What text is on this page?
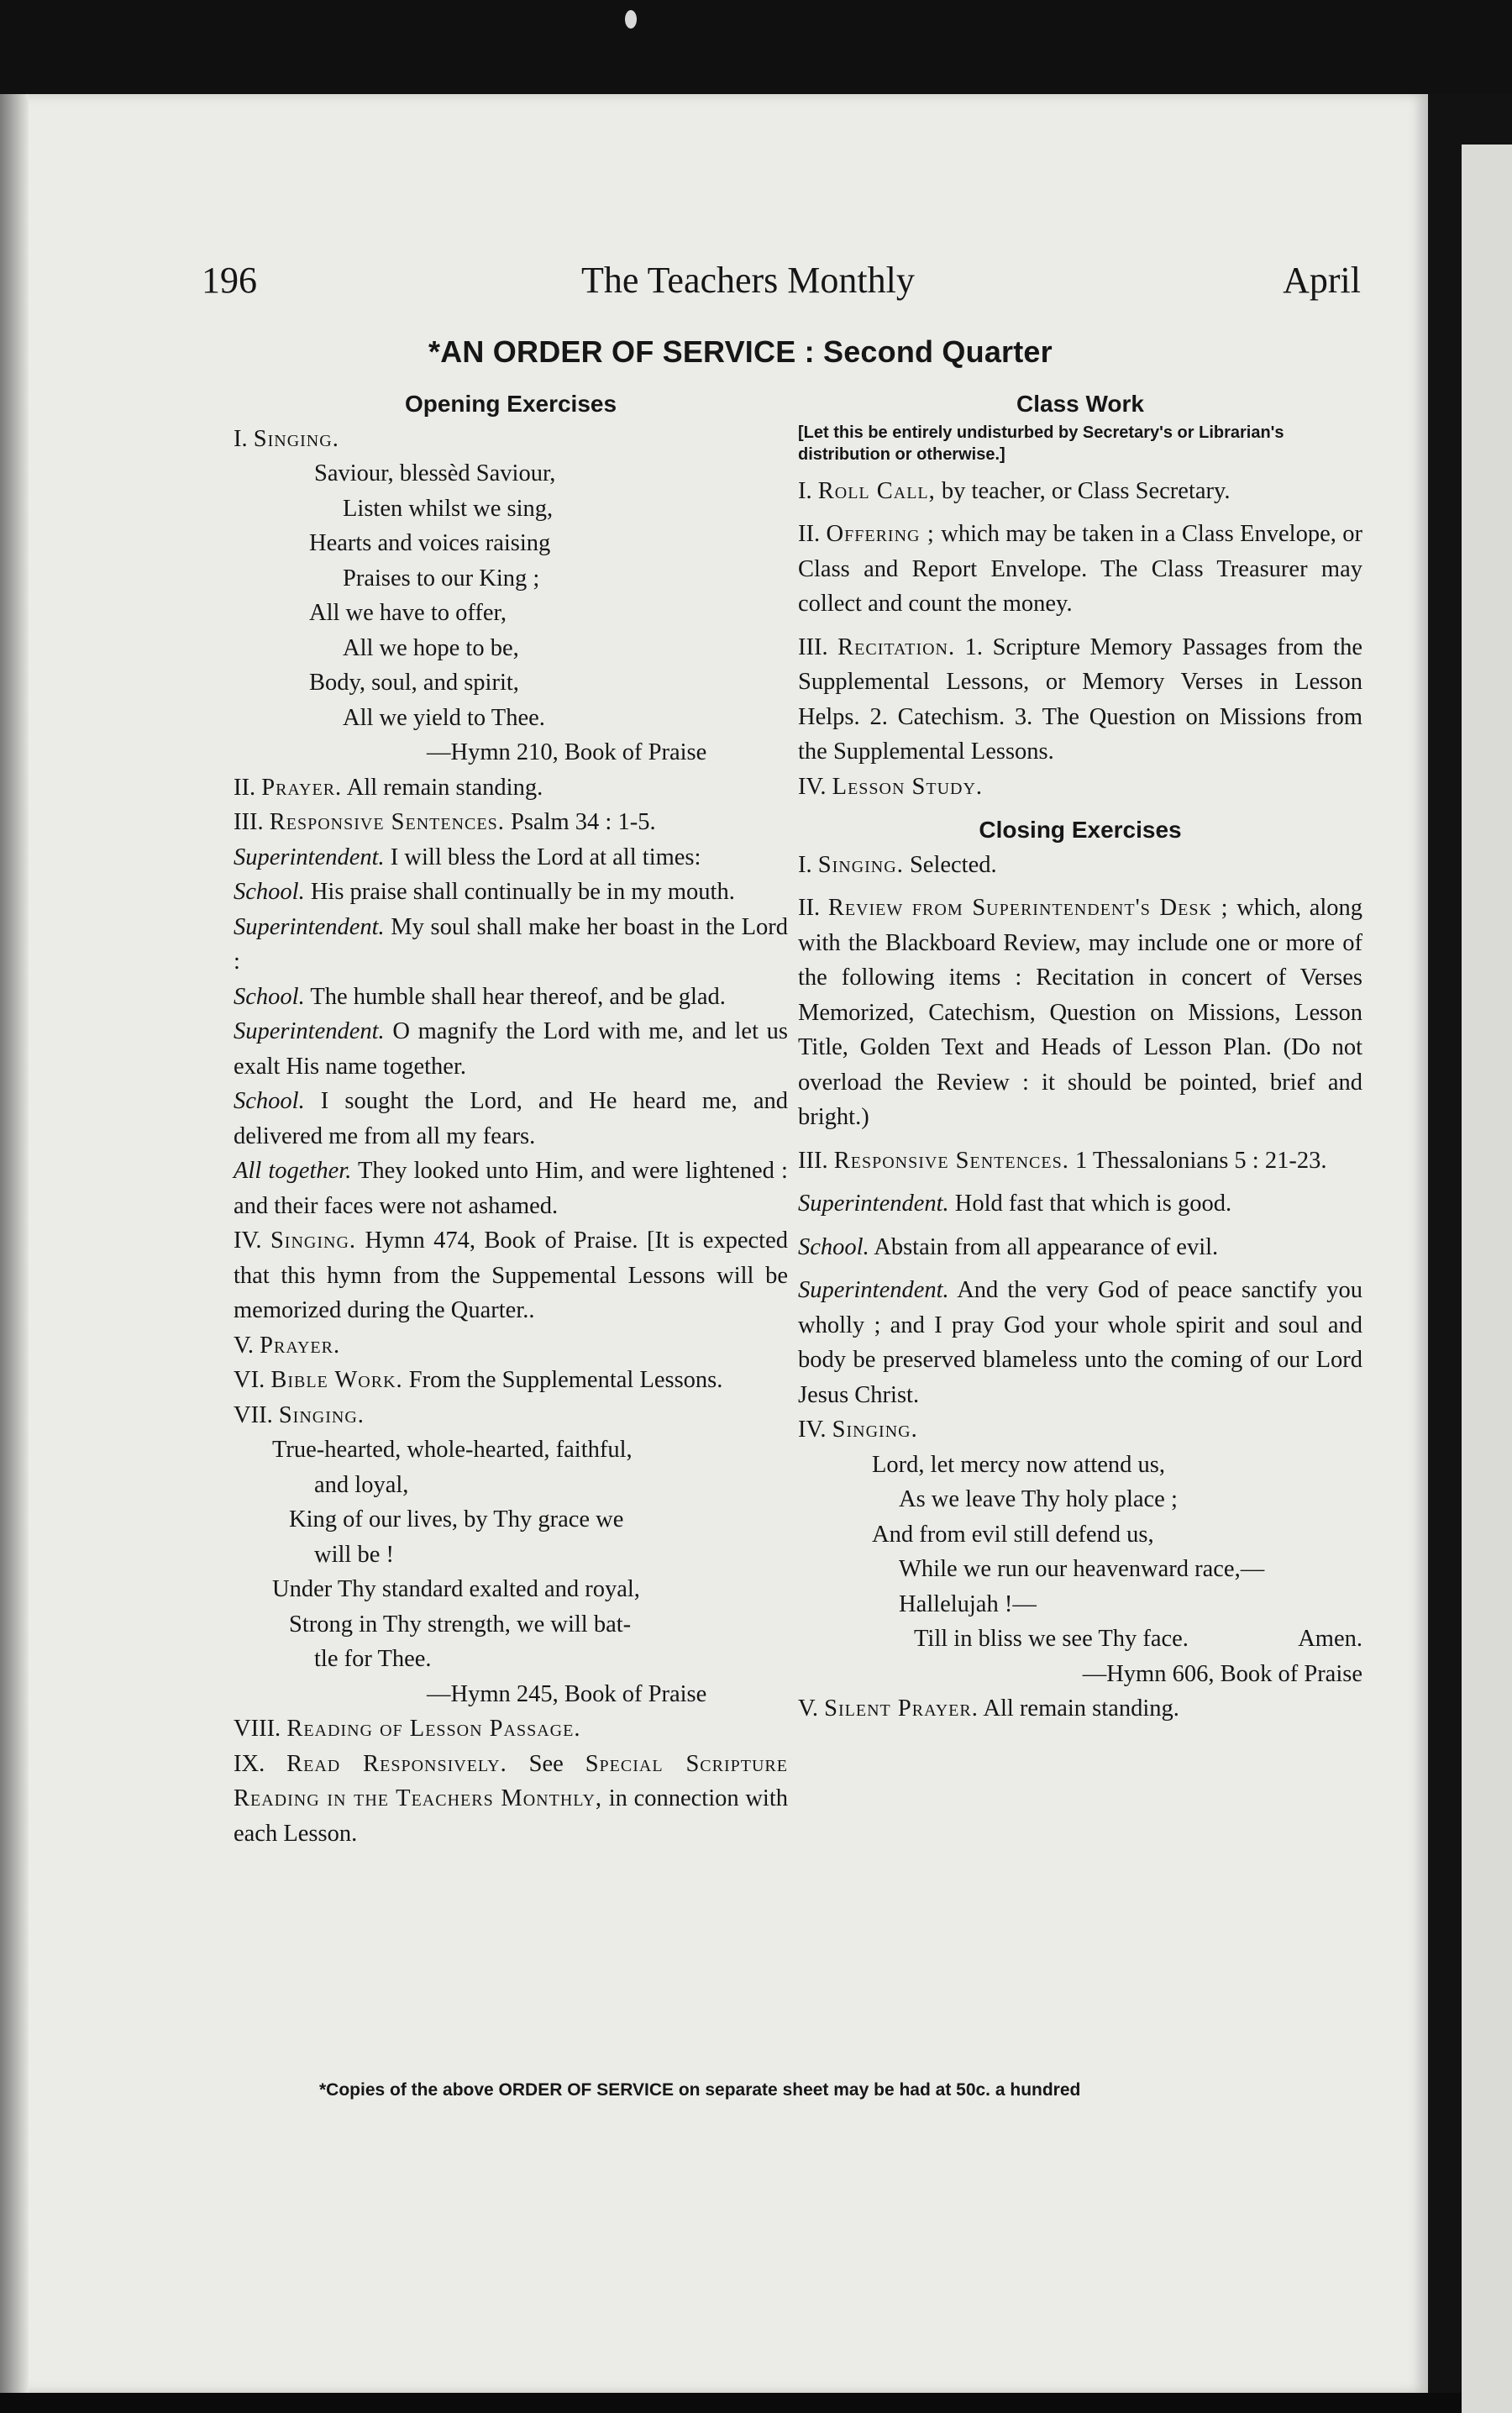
196	The Teachers Monthly	April
*AN ORDER OF SERVICE : Second Quarter

Opening Exercises

I. Singing.

Saviour, blessèd Saviour,

Listen whilst we sing,

Hearts and voices raising

Praises to our King ;

All we have to offer,

All we hope to be,

Body, soul, and spirit,

All we yield to Thee.

—Hymn 210, Book of Praise

II. Prayer. All remain standing.

III. Responsive Sentences. Psalm 34 : 1-5.

Superintendent. I will bless the Lord at all times:

School. His praise shall continually be in my mouth.

Superintendent. My soul shall make her boast in the Lord :

School. The humble shall hear thereof, and be glad.

Superintendent. O magnify the Lord with me, and let us exalt His name together.

School. I sought the Lord, and He heard me, and delivered me from all my fears.

All together. They looked unto Him, and were lightened : and their faces were not ashamed.

IV. Singing. Hymn 474, Book of Praise. [It is expected that this hymn from the Suppemental Lessons will be memorized during the Quarter..

V. Prayer.

VI. Bible Work. From the Supplemental Lessons.

VII. Singing.

True-hearted, whole-hearted, faithful,

and loyal,

King of our lives, by Thy grace we

will be !

Under Thy standard exalted and royal,

Strong in Thy strength, we will bat-

tle for Thee.

—Hymn 245, Book of Praise

VIII. Reading of Lesson Passage.

IX. Read Responsively. See Special Scripture Reading in the Teachers Monthly, in connection with each Lesson.

Class Work

[Let this be entirely undisturbed by Secretary's or Librarian's distribution or otherwise.]

I. Roll Call, by teacher, or Class Secretary.

II. Offering ; which may be taken in a Class Envelope, or Class and Report Envelope. The Class Treasurer may collect and count the money.

III. Recitation. 1. Scripture Memory Passages from the Supplemental Lessons, or Memory Verses in Lesson Helps. 2. Catechism. 3. The Question on Missions from the Supplemental Lessons.

IV. Lesson Study.

Closing Exercises

I. Singing. Selected.

II. Review from Superintendent's Desk ; which, along with the Blackboard Review, may include one or more of the following items : Recitation in concert of Verses Memorized, Catechism, Question on Missions, Lesson Title, Golden Text and Heads of Lesson Plan. (Do not overload the Review : it should be pointed, brief and bright.)

III. Responsive Sentences. 1 Thessalonians 5 : 21-23.

Superintendent. Hold fast that which is good.

School. Abstain from all appearance of evil.

Superintendent. And the very God of peace sanctify you wholly ; and I pray God your whole spirit and soul and body be preserved blameless unto the coming of our Lord Jesus Christ.

IV. Singing.

Lord, let mercy now attend us,

As we leave Thy holy place ;

And from evil still defend us,

While we run our heavenward race,—

Hallelujah !—

Till in bliss we see Thy face.	Amen.

—Hymn 606, Book of Praise

V. Silent Prayer. All remain standing.

*Copies of the above ORDER OF SERVICE on separate sheet may be had at 50c. a hundred
